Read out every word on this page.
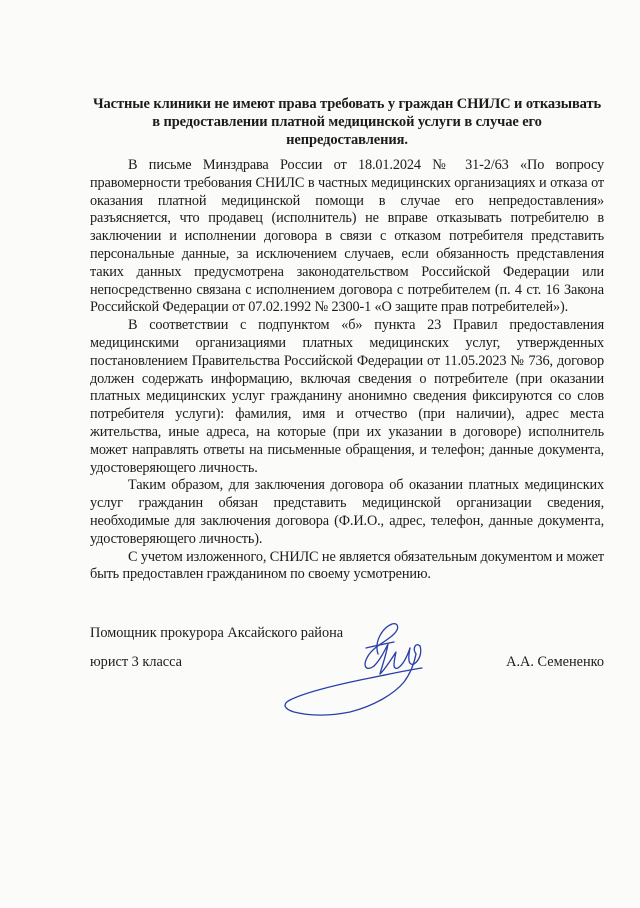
Частные клиники не имеют права требовать у граждан СНИЛС и отказывать в предоставлении платной медицинской услуги в случае его непредоставления.

В письме Минздрава России от 18.01.2024 № 31-2/63 «По вопросу правомерности требования СНИЛС в частных медицинских организациях и отказа от оказания платной медицинской помощи в случае его непредоставления» разъясняется, что продавец (исполнитель) не вправе отказывать потребителю в заключении и исполнении договора в связи с отказом потребителя представить персональные данные, за исключением случаев, если обязанность представления таких данных предусмотрена законодательством Российской Федерации или непосредственно связана с исполнением договора с потребителем (п. 4 ст. 16 Закона Российской Федерации от 07.02.1992 № 2300-1 «О защите прав потребителей»).

В соответствии с подпунктом «б» пункта 23 Правил предоставления медицинскими организациями платных медицинских услуг, утвержденных постановлением Правительства Российской Федерации от 11.05.2023 № 736, договор должен содержать информацию, включая сведения о потребителе (при оказании платных медицинских услуг гражданину анонимно сведения фиксируются со слов потребителя услуги): фамилия, имя и отчество (при наличии), адрес места жительства, иные адреса, на которые (при их указании в договоре) исполнитель может направлять ответы на письменные обращения, и телефон; данные документа, удостоверяющего личность.

Таким образом, для заключения договора об оказании платных медицинских услуг гражданин обязан представить медицинской организации сведения, необходимые для заключения договора (Ф.И.О., адрес, телефон, данные документа, удостоверяющего личность).

С учетом изложенного, СНИЛС не является обязательным документом и может быть предоставлен гражданином по своему усмотрению.

Помощник прокурора Аксайского района
юрист 3 класса	А.А. Семененко
